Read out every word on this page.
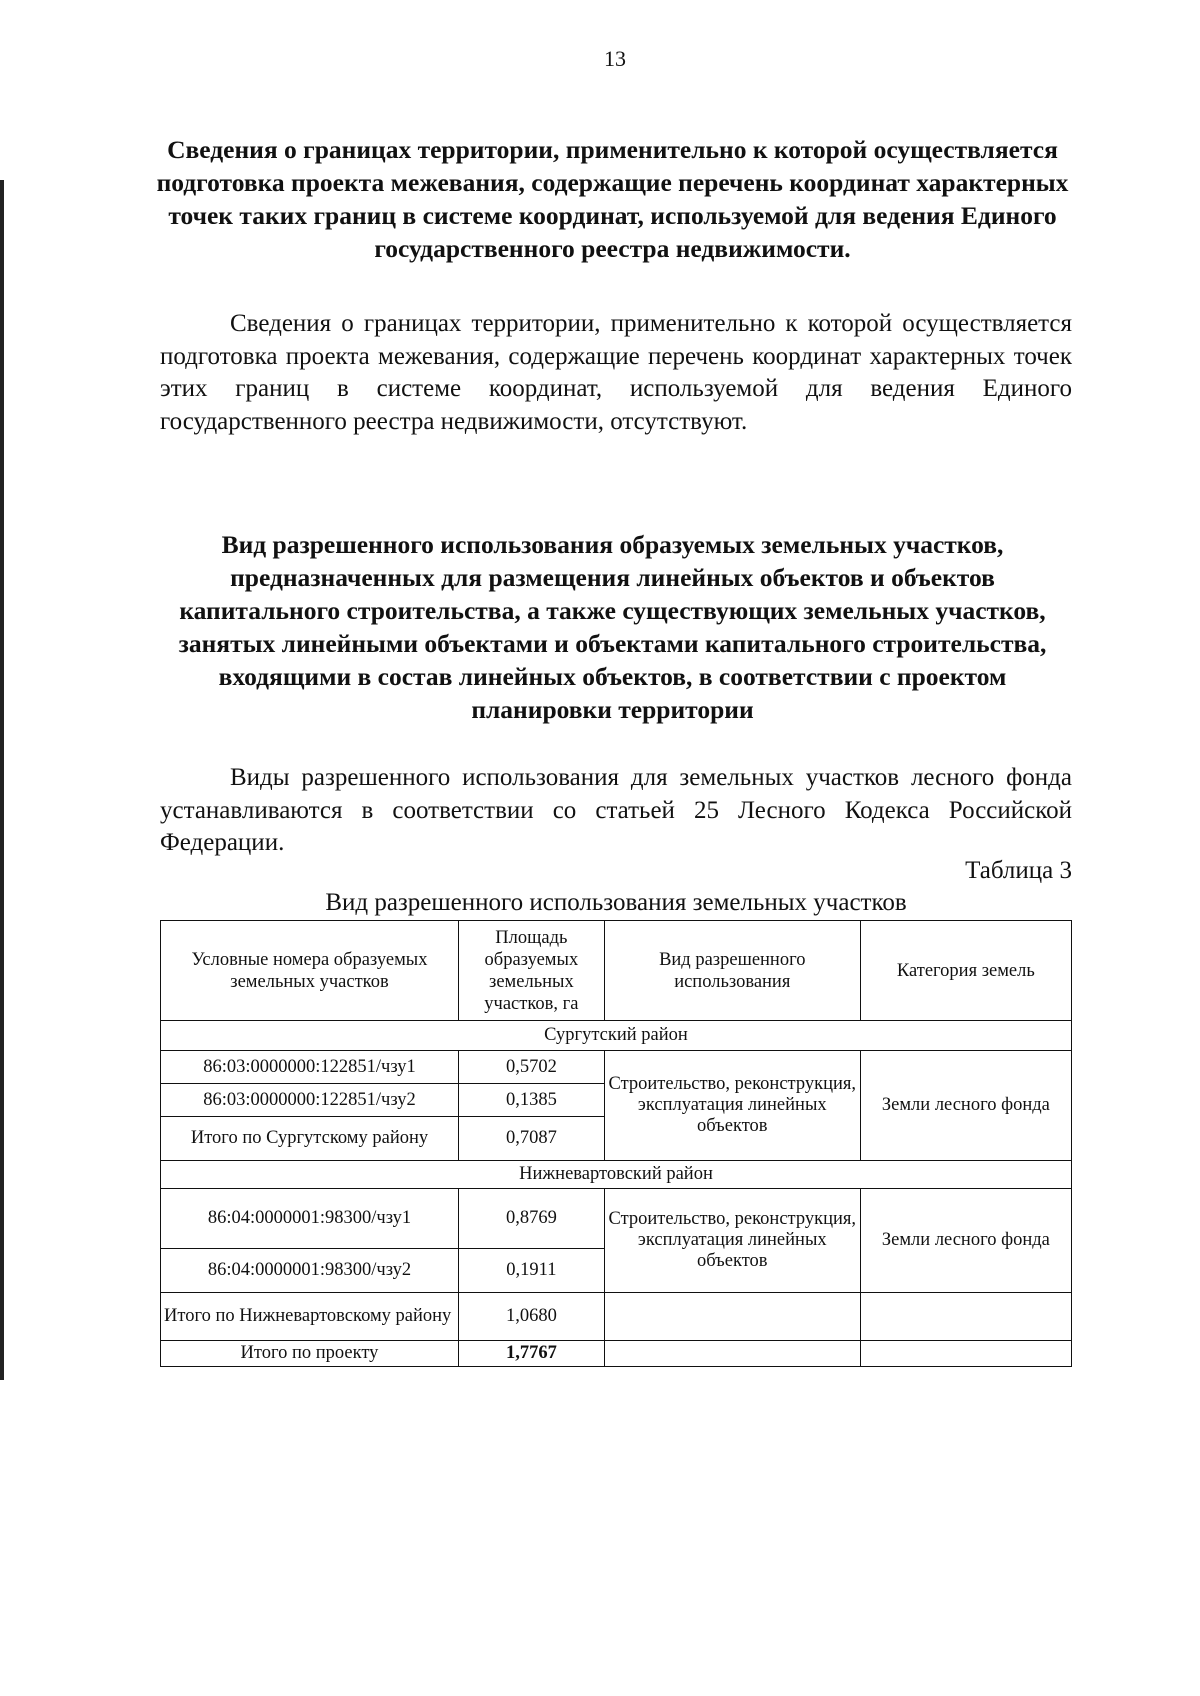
13
Сведения о границах территории, применительно к которой осуществляется подготовка проекта межевания, содержащие перечень координат характерных точек таких границ в системе координат, используемой для ведения Единого государственного реестра недвижимости.
Сведения о границах территории, применительно к которой осуществляется подготовка проекта межевания, содержащие перечень координат характерных точек этих границ в системе координат, используемой для ведения Единого государственного реестра недвижимости, отсутствуют.
Вид разрешенного использования образуемых земельных участков, предназначенных для размещения линейных объектов и объектов капитального строительства, а также существующих земельных участков, занятых линейными объектами и объектами капитального строительства, входящими в состав линейных объектов, в соответствии с проектом планировки территории
Виды разрешенного использования для земельных участков лесного фонда устанавливаются в соответствии со статьей 25 Лесного Кодекса Российской Федерации.
Таблица 3
Вид разрешенного использования земельных участков
Условные номера образуемых земельных участков	Площадь образуемых земельных участков, га	Вид разрешенного использования	Категория земель
Сургутский район			
86:03:0000000:122851/чзу1	0,5702	Строительство, реконструкция, эксплуатация линейных объектов	Земли лесного фонда
86:03:0000000:122851/чзу2	0,1385		
Итого по Сургутскому району	0,7087		
Нижневартовский район			
86:04:0000001:98300/чзу1	0,8769	Строительство, реконструкция, эксплуатация линейных объектов	Земли лесного фонда
86:04:0000001:98300/чзу2	0,1911		
Итого по Нижневартовскому району	1,0680		
Итого по проекту	1,7767		
